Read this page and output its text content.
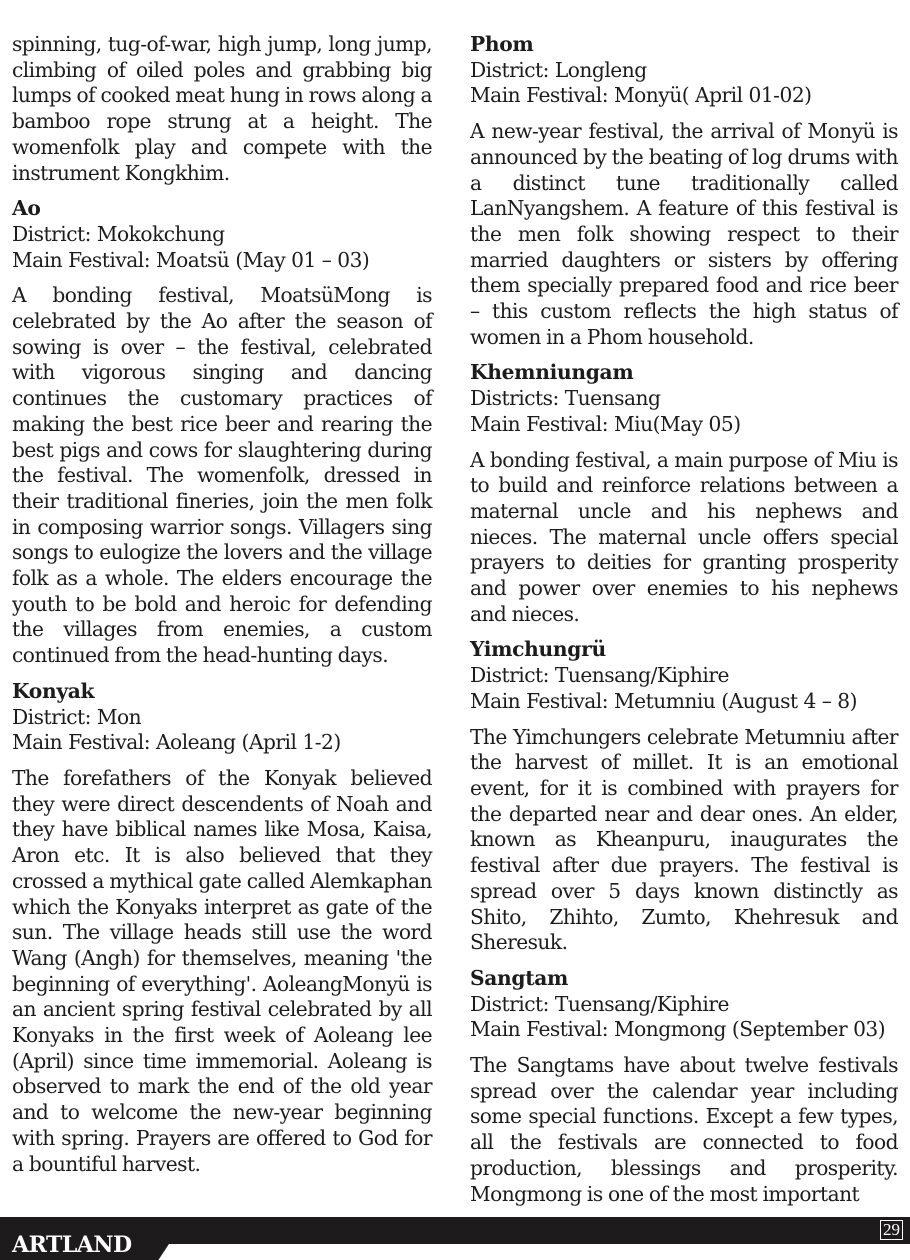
spinning, tug-of-war, high jump, long jump, climbing of oiled poles and grabbing big lumps of cooked meat hung in rows along a bamboo rope strung at a height. The womenfolk play and compete with the instrument Kongkhim.

Ao

District: Mokokchung

Main Festival: Moatsü (May 01 – 03)

A bonding festival, MoatsüMong is celebrated by the Ao after the season of sowing is over – the festival, celebrated with vigorous singing and dancing continues the customary practices of making the best rice beer and rearing the best pigs and cows for slaughtering during the festival. The womenfolk, dressed in their traditional fineries, join the men folk in composing warrior songs. Villagers sing songs to eulogize the lovers and the village folk as a whole. The elders encourage the youth to be bold and heroic for defending the villages from enemies, a custom continued from the head-hunting days.

Konyak

District: Mon

Main Festival: Aoleang (April 1-2)

The forefathers of the Konyak believed they were direct descendents of Noah and they have biblical names like Mosa, Kaisa, Aron etc. It is also believed that they crossed a mythical gate called Alemkaphan which the Konyaks interpret as gate of the sun. The village heads still use the word Wang (Angh) for themselves, meaning 'the beginning of everything'. AoleangMonyü is an ancient spring festival celebrated by all Konyaks in the first week of Aoleang lee (April) since time immemorial. Aoleang is observed to mark the end of the old year and to welcome the new-year beginning with spring. Prayers are offered to God for a bountiful harvest.

Phom

District: Longleng

Main Festival: Monyü( April 01-02)

A new-year festival, the arrival of Monyü is announced by the beating of log drums with a distinct tune traditionally called LanNyangshem. A feature of this festival is the men folk showing respect to their married daughters or sisters by offering them specially prepared food and rice beer – this custom reflects the high status of women in a Phom household.

Khemniungam

Districts: Tuensang

Main Festival: Miu(May 05)

A bonding festival, a main purpose of Miu is to build and reinforce relations between a maternal uncle and his nephews and nieces. The maternal uncle offers special prayers to deities for granting prosperity and power over enemies to his nephews and nieces.

Yimchungrü

District: Tuensang/Kiphire

Main Festival: Metumniu (August 4 – 8)

The Yimchungers celebrate Metumniu after the harvest of millet. It is an emotional event, for it is combined with prayers for the departed near and dear ones. An elder, known as Kheanpuru, inaugurates the festival after due prayers. The festival is spread over 5 days known distinctly as Shito, Zhihto, Zumto, Khehresuk and Sheresuk.

Sangtam

District: Tuensang/Kiphire

Main Festival: Mongmong (September 03)

The Sangtams have about twelve festivals spread over the calendar year including some special functions. Except a few types, all the festivals are connected to food production, blessings and prosperity. Mongmong is one of the most important

ARTLAND
29
